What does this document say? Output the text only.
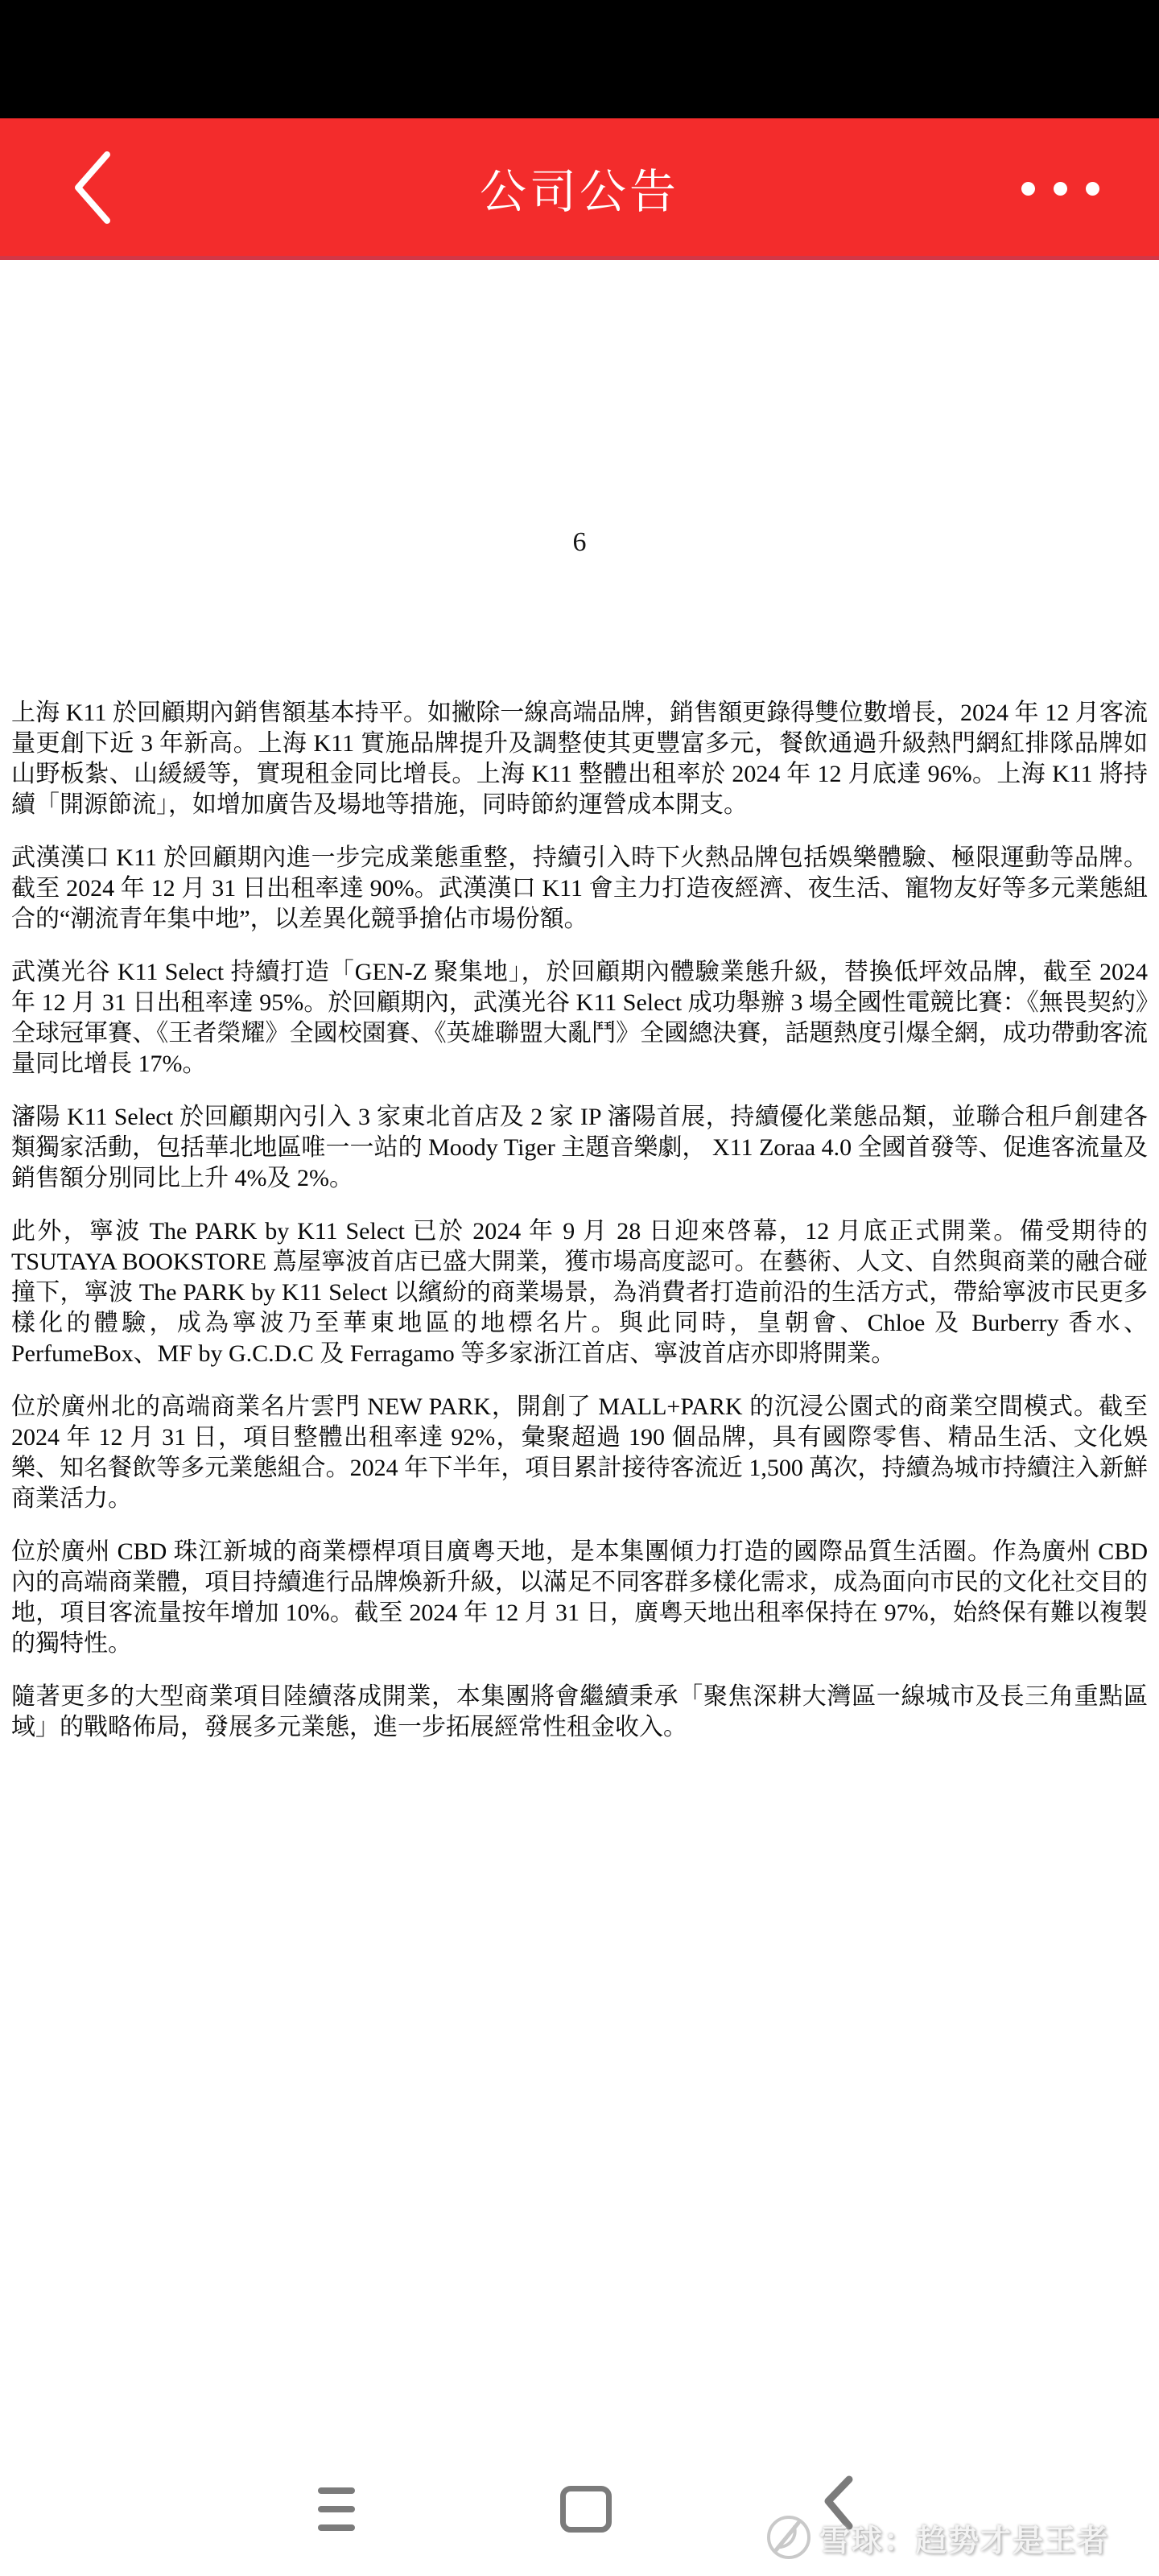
公司公告
6

上海 K11 於回顧期內銷售額基本持平。如撇除一線高端品牌，銷售額更錄得雙位數增長，2024 年 12 月客流量更創下近 3 年新高。上海 K11 實施品牌提升及調整使其更豐富多元，餐飲通過升級熱門網紅排隊品牌如山野板紮、山緩緩等，實現租金同比增長。上海 K11 整體出租率於 2024 年 12 月底達 96%。上海 K11 將持續「開源節流」，如增加廣告及場地等措施，同時節約運營成本開支。

武漢漢口 K11 於回顧期內進一步完成業態重整，持續引入時下火熱品牌包括娛樂體驗、極限運動等品牌。截至 2024 年 12 月 31 日出租率達 90%。武漢漢口 K11 會主力打造夜經濟、夜生活、寵物友好等多元業態組合的“潮流青年集中地”，以差異化競爭搶佔市場份額。

武漢光谷 K11 Select 持續打造「GEN-Z 聚集地」，於回顧期內體驗業態升級，替換低坪效品牌，截至 2024 年 12 月 31 日出租率達 95%。於回顧期內，武漢光谷 K11 Select 成功舉辦 3 場全國性電競比賽：《無畏契約》全球冠軍賽、《王者榮耀》全國校園賽、《英雄聯盟大亂鬥》全國總決賽，話題熱度引爆全網，成功帶動客流量同比增長 17%。

瀋陽 K11 Select 於回顧期內引入 3 家東北首店及 2 家 IP 瀋陽首展，持續優化業態品類，並聯合租戶創建各類獨家活動，包括華北地區唯一一站的 Moody Tiger 主題音樂劇， X11 Zoraa 4.0 全國首發等、促進客流量及銷售額分別同比上升 4%及 2%。

此外，寧波 The PARK by K11 Select 已於 2024 年 9 月 28 日迎來啓幕，12 月底正式開業。備受期待的 TSUTAYA BOOKSTORE 蔦屋寧波首店已盛大開業，獲市場高度認可。在藝術、人文、自然與商業的融合碰撞下，寧波 The PARK by K11 Select 以繽紛的商業場景，為消費者打造前沿的生活方式，帶給寧波市民更多樣化的體驗，成為寧波乃至華東地區的地標名片。與此同時，皇朝會、Chloe 及 Burberry 香水、PerfumeBox、MF by G.C.D.C 及 Ferragamo 等多家浙江首店、寧波首店亦即將開業。

位於廣州北的高端商業名片雲門 NEW PARK，開創了 MALL+PARK 的沉浸公園式的商業空間模式。截至 2024 年 12 月 31 日，項目整體出租率達 92%，彙聚超過 190 個品牌，具有國際零售、精品生活、文化娛樂、知名餐飲等多元業態組合。2024 年下半年，項目累計接待客流近 1,500 萬次，持續為城市持續注入新鮮商業活力。

位於廣州 CBD 珠江新城的商業標桿項目廣粵天地，是本集團傾力打造的國際品質生活圈。作為廣州 CBD 內的高端商業體，項目持續進行品牌煥新升級，以滿足不同客群多樣化需求，成為面向市民的文化社交目的地，項目客流量按年增加 10%。截至 2024 年 12 月 31 日，廣粵天地出租率保持在 97%，始終保有難以複製的獨特性。

隨著更多的大型商業項目陸續落成開業，本集團將會繼續秉承「聚焦深耕大灣區一線城市及長三角重點區域」的戰略佈局，發展多元業態，進一步拓展經常性租金收入。

雪球：趋势才是王者
